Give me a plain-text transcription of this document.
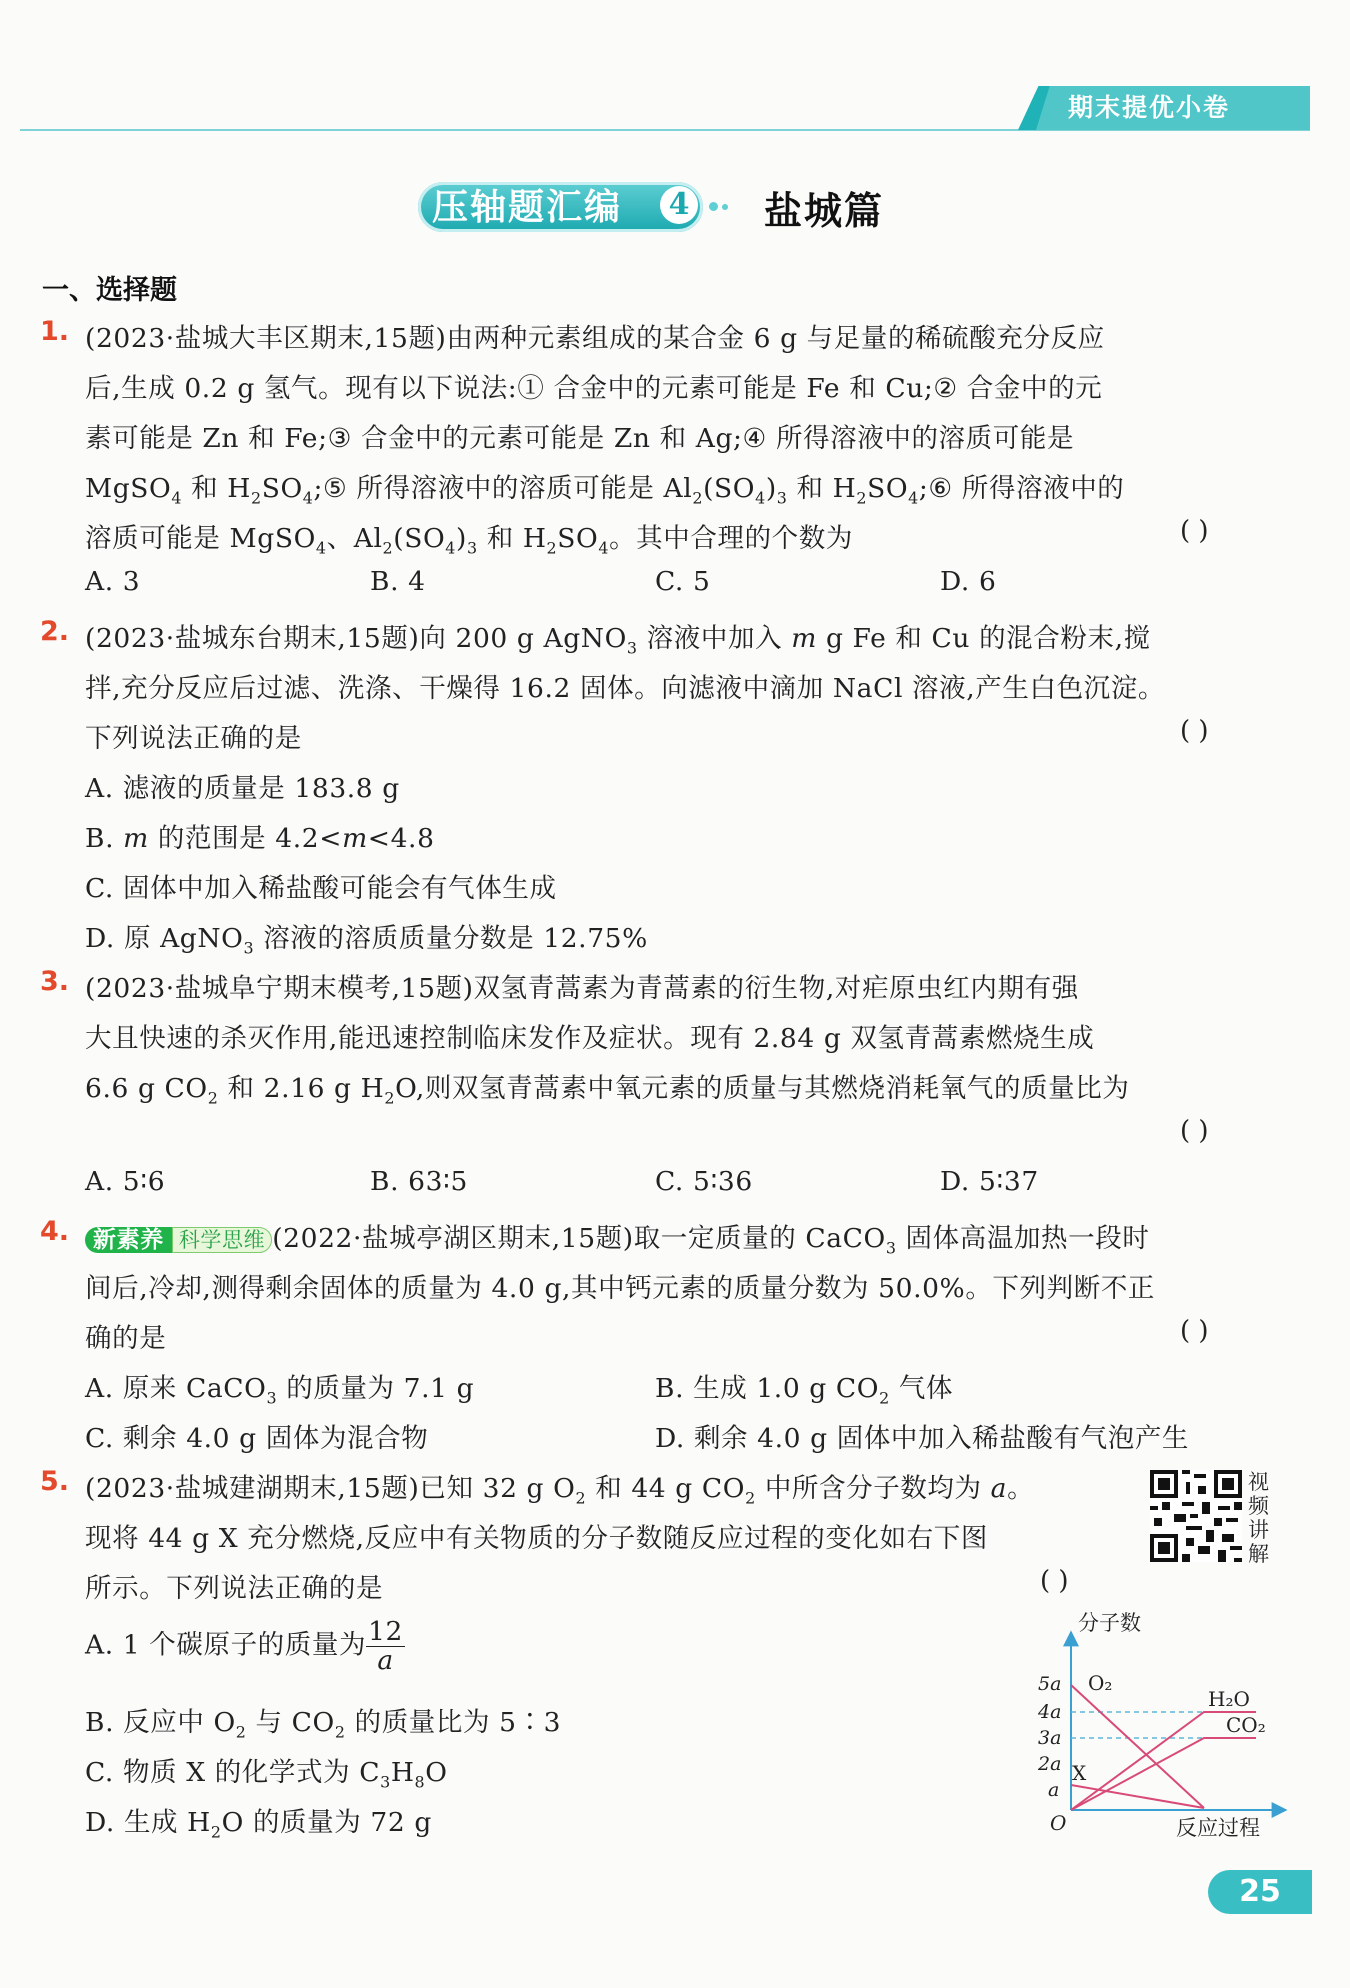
期末提优小卷
压轴题汇编 4 盐城篇
一、选择题
1. (2023·盐城大丰区期末,15题)由两种元素组成的某合金 6 g 与足量的稀硫酸充分反应
后,生成 0.2 g 氢气。现有以下说法:① 合金中的元素可能是 Fe 和 Cu;② 合金中的元
素可能是 Zn 和 Fe;③ 合金中的元素可能是 Zn 和 Ag;④ 所得溶液中的溶质可能是
MgSO$_4$ 和 $H_2SO_4;⑤$ 所得溶液中的溶质可能是 $Al_2(SO_4)_3$ 和 $H_2SO_4;⑥$ 所得溶液中的
溶质可能是 MgSO$_4$、$Al_2(SO_4)_3$ 和 $H_2SO_4$。其中合理的个数为	( )
A. 3	B. 4	C. 5	D. 6
2. (2023·盐城东台期末,15题)向 200 g AgNO$_3$ 溶液中加入 m g Fe 和 Cu 的混合粉末,搅
拌,充分反应后过滤、洗涤、干燥得 16.2 固体。向滤液中滴加 NaCl 溶液,产生白色沉淀。
下列说法正确的是	( )
A. 滤液的质量是 183.8 g
B. m 的范围是 4.2<m<4.8
C. 固体中加入稀盐酸可能会有气体生成
D. 原 AgNO$_3$ 溶液的溶质质量分数是 12.75%
3. (2023·盐城阜宁期末模考,15题)双氢青蒿素为青蒿素的衍生物,对疟原虫红内期有强
大且快速的杀灭作用,能迅速控制临床发作及症状。现有 2.84 g 双氢青蒿素燃烧生成
6.6 g $CO_2$ 和 2.16 g $H_2O$,则双氢青蒿素中氧元素的质量与其燃烧消耗氧气的质量比为
( )
A. 5∶6	B. 63∶5	C. 5∶36	D. 5∶37
4.	新素养 科学思维 (2022·盐城亭湖区期末,15题)取一定质量的 CaCO$_3$ 固体高温加热一段时
间后,冷却,测得剩余固体的质量为 4.0 g,其中钙元素的质量分数为 50.0%。下列判断不正
确的是	( )
A. 原来 CaCO$_3$ 的质量为 7.1 g	B. 生成 1.0 g $CO_2$ 气体
C. 剩余 4.0 g 固体为混合物	D. 剩余 4.0 g 固体中加入稀盐酸有气泡产生
5. (2023·盐城建湖期末,15题)已知 32 g $O_2$ 和 44 g $CO_2$ 中所含分子数均为 a。
现将 44 g X 充分燃烧,反应中有关物质的分子数随反应过程的变化如右下图
所示。下列说法正确的是	( )
A. 1 个碳原子的质量为 $\frac{12}{a}$
B. 反应中 $O_2$ 与 $CO_2$ 的质量比为 5∶3
C. 物质 X 的化学式为 $C_3H_8O$
D. 生成 $H_2O$ 的质量为 72 g
视频讲解
分子数
反应过程
O
5a
4a
3a
2a
a
O₂
H₂O
CO₂
X
25
